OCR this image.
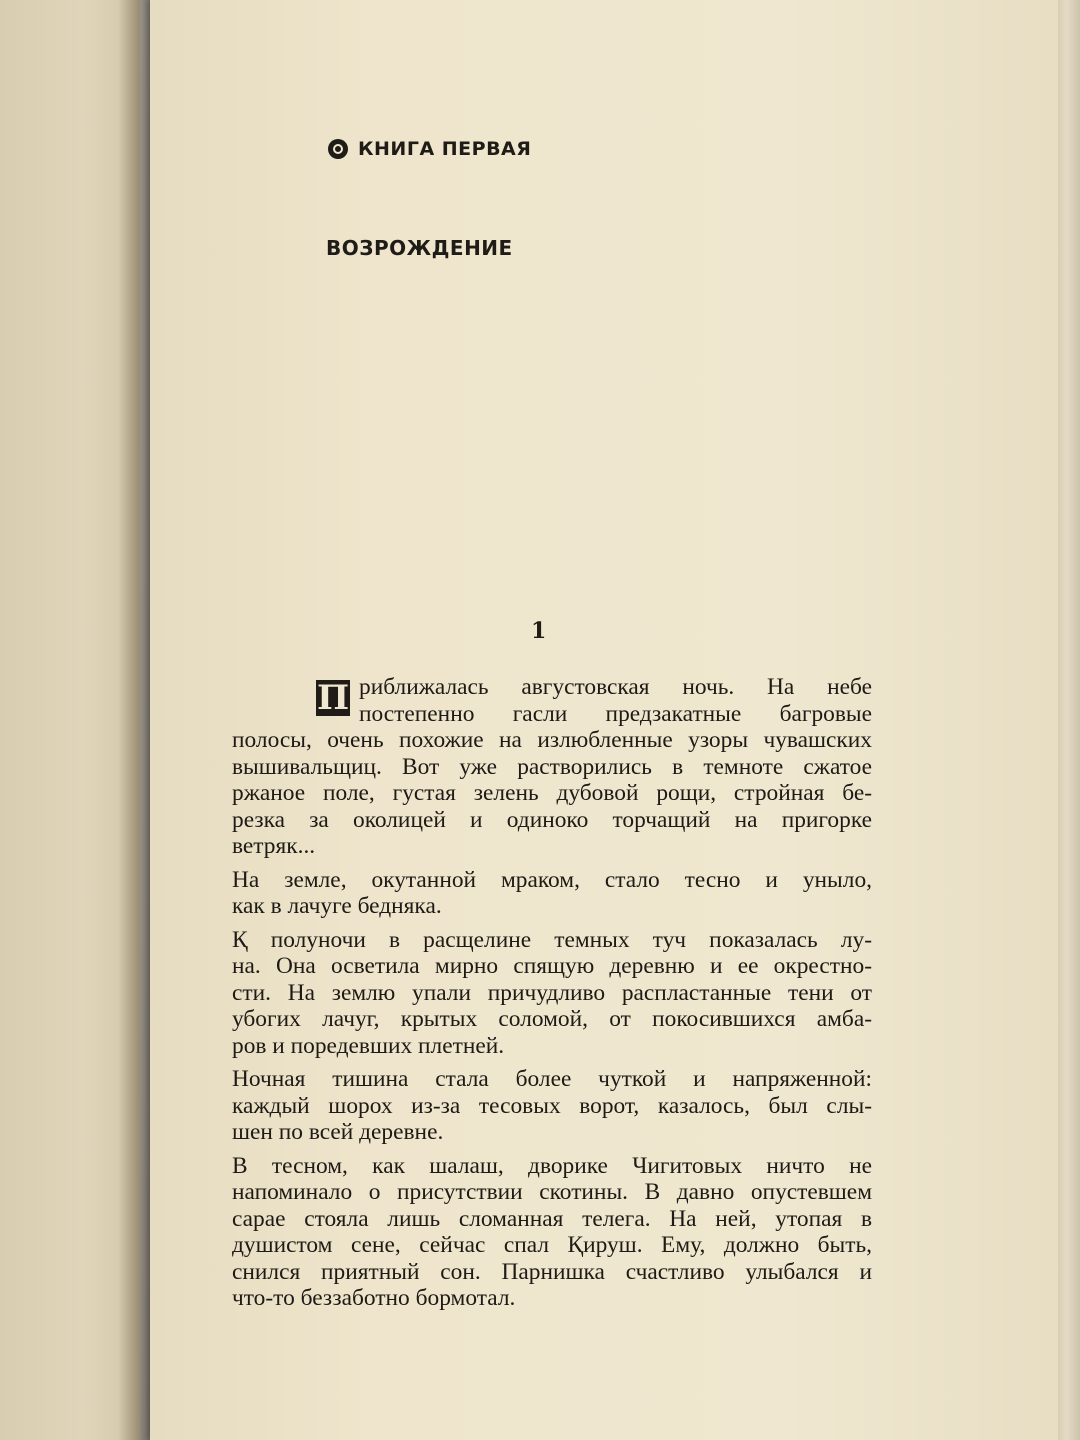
КНИГА ПЕРВАЯ
ВОЗРОЖДЕНИЕ
1
П риближалась августовская ночь. На небе
постепенно гасли предзакатные багровые
полосы, очень похожие на излюбленные узоры чувашских
вышивальщиц. Вот уже растворились в темноте сжатое
ржаное поле, густая зелень дубовой рощи, стройная бе-
резка за околицей и одиноко торчащий на пригорке
ветряк...
На земле, окутанной мраком, стало тесно и уныло,
как в лачуге бедняка.
Қ полуночи в расщелине темных туч показалась лу-
на. Она осветила мирно спящую деревню и ее окрестно-
сти. На землю упали причудливо распластанные тени от
убогих лачуг, крытых соломой, от покосившихся амба-
ров и поредевших плетней.
Ночная тишина стала более чуткой и напряженной:
каждый шорох из-за тесовых ворот, казалось, был слы-
шен по всей деревне.
В тесном, как шалаш, дворике Чигитовых ничто не
напоминало о присутствии скотины. В давно опустевшем
сарае стояла лишь сломанная телега. На ней, утопая в
душистом сене, сейчас спал Қируш. Ему, должно быть,
снился приятный сон. Парнишка счастливо улыбался и
что-то беззаботно бормотал.
